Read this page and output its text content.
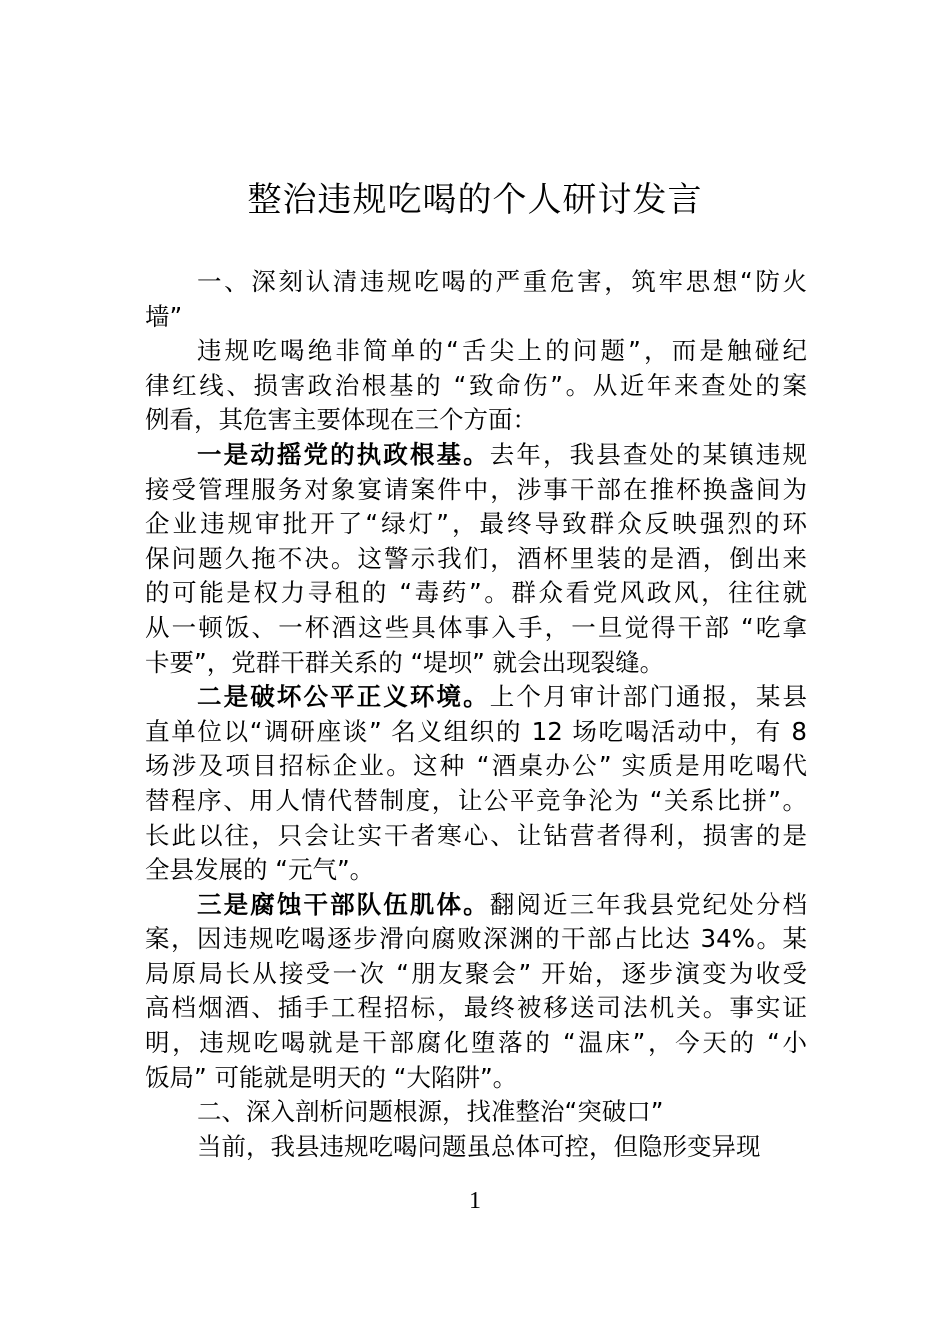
整治违规吃喝的个人研讨发言
一、深刻认清违规吃喝的严重危害，筑牢思想“防火
墙”
违规吃喝绝非简单的“舌尖上的问题”，而是触碰纪
律红线、损害政治根基的 “致命伤”。从近年来查处的案
例看，其危害主要体现在三个方面：
一是动摇党的执政根基。去年，我县查处的某镇违规
接受管理服务对象宴请案件中，涉事干部在推杯换盏间为
企业违规审批开了“绿灯”，最终导致群众反映强烈的环
保问题久拖不决。这警示我们，酒杯里装的是酒，倒出来
的可能是权力寻租的 “毒药”。群众看党风政风，往往就
从一顿饭、一杯酒这些具体事入手，一旦觉得干部 “吃拿
卡要”，党群干群关系的 “堤坝” 就会出现裂缝。
二是破坏公平正义环境。上个月审计部门通报，某县
直单位以“调研座谈” 名义组织的 12 场吃喝活动中，有 8
场涉及项目招标企业。这种 “酒桌办公” 实质是用吃喝代
替程序、用人情代替制度，让公平竞争沦为 “关系比拼”。
长此以往，只会让实干者寒心、让钻营者得利，损害的是
全县发展的 “元气”。
三是腐蚀干部队伍肌体。翻阅近三年我县党纪处分档
案，因违规吃喝逐步滑向腐败深渊的干部占比达 34%。某
局原局长从接受一次 “朋友聚会” 开始，逐步演变为收受
高档烟酒、插手工程招标，最终被移送司法机关。事实证
明，违规吃喝就是干部腐化堕落的 “温床”，今天的 “小
饭局” 可能就是明天的 “大陷阱”。
二、深入剖析问题根源，找准整治“突破口”
当前，我县违规吃喝问题虽总体可控，但隐形变异现
1
